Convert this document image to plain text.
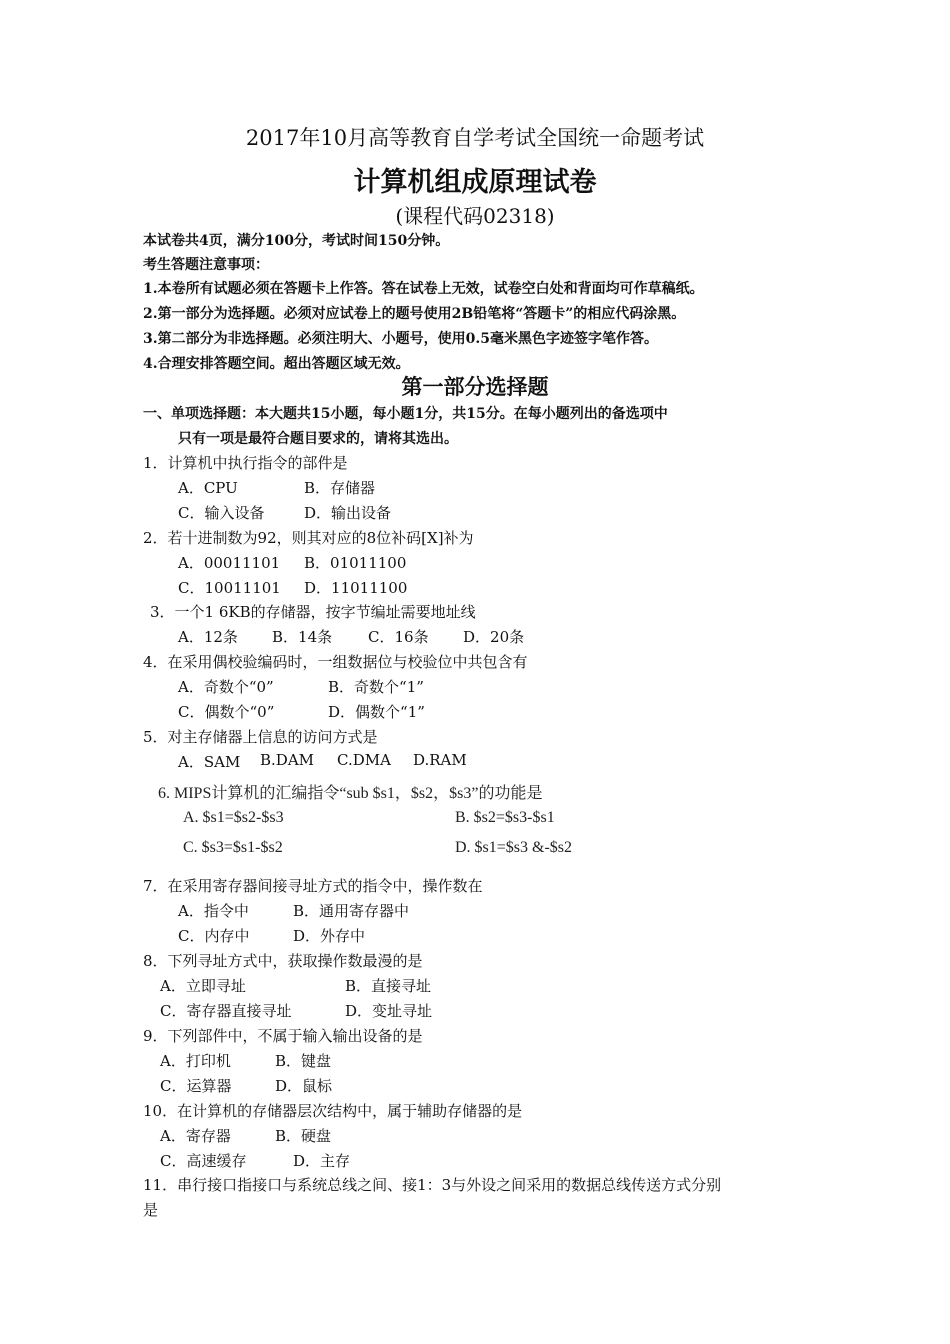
2017年10月高等教育自学考试全国统一命题考试
计算机组成原理试卷
(课程代码02318)
本试卷共4页，满分100分，考试时间150分钟。
考生答题注意事项：
1.本卷所有试题必须在答题卡上作答。答在试卷上无效，试卷空白处和背面均可作草稿纸。
2.第一部分为选择题。必须对应试卷上的题号使用2B铅笔将“答题卡”的相应代码涂黑。
3.第二部分为非选择题。必须注明大、小题号，使用0.5毫米黑色字迹签字笔作答。
4.合理安排答题空间。超出答题区域无效。
第一部分选择题
一、单项选择题：本大题共15小题，每小题1分，共15分。在每小题列出的备选项中
只有一项是最符合题目要求的，请将其选出。
1．计算机中执行指令的部件是
A．CPU	B．存储器
C．输入设备	D．输出设备
2．若十进制数为92，则其对应的8位补码[X]补为
A．00011101 B．01011100
C．10011101 D．11011100
3．一个1 6KB的存储器，按字节编址需要地址线
A．12条 B．14条 C．16条 D．20条
4．在采用偶校验编码时，一组数据位与校验位中共包含有
A．奇数个“0”	B．奇数个“1”
C．偶数个“0”	D．偶数个“1”
5．对主存储器上信息的访问方式是
A．SAM B.DAM C.DMA D.RAM
6. MIPS计算机的汇编指令“sub $s1，$s2，$s3”的功能是
A. $s1=$s2-$s3	B. $s2=$s3-$s1
C. $s3=$s1-$s2	D. $s1=$s3 &-$s2
7．在采用寄存器间接寻址方式的指令中，操作数在
A．指令中	B．通用寄存器中
C．内存中	D．外存中
8．下列寻址方式中，获取操作数最漫的是
A．立即寻址	B．直接寻址
C．寄存器直接寻址	D．变址寻址
9．下列部件中，不属于输入输出设备的是
A．打印机	B．键盘
C．运算器	D．鼠标
10．在计算机的存储器层次结构中，属于辅助存储器的是
A．寄存器	B．硬盘
C．高速缓存	D．主存
11．串行接口指接口与系统总线之间、接1：3与外设之间采用的数据总线传送方式分别
是
